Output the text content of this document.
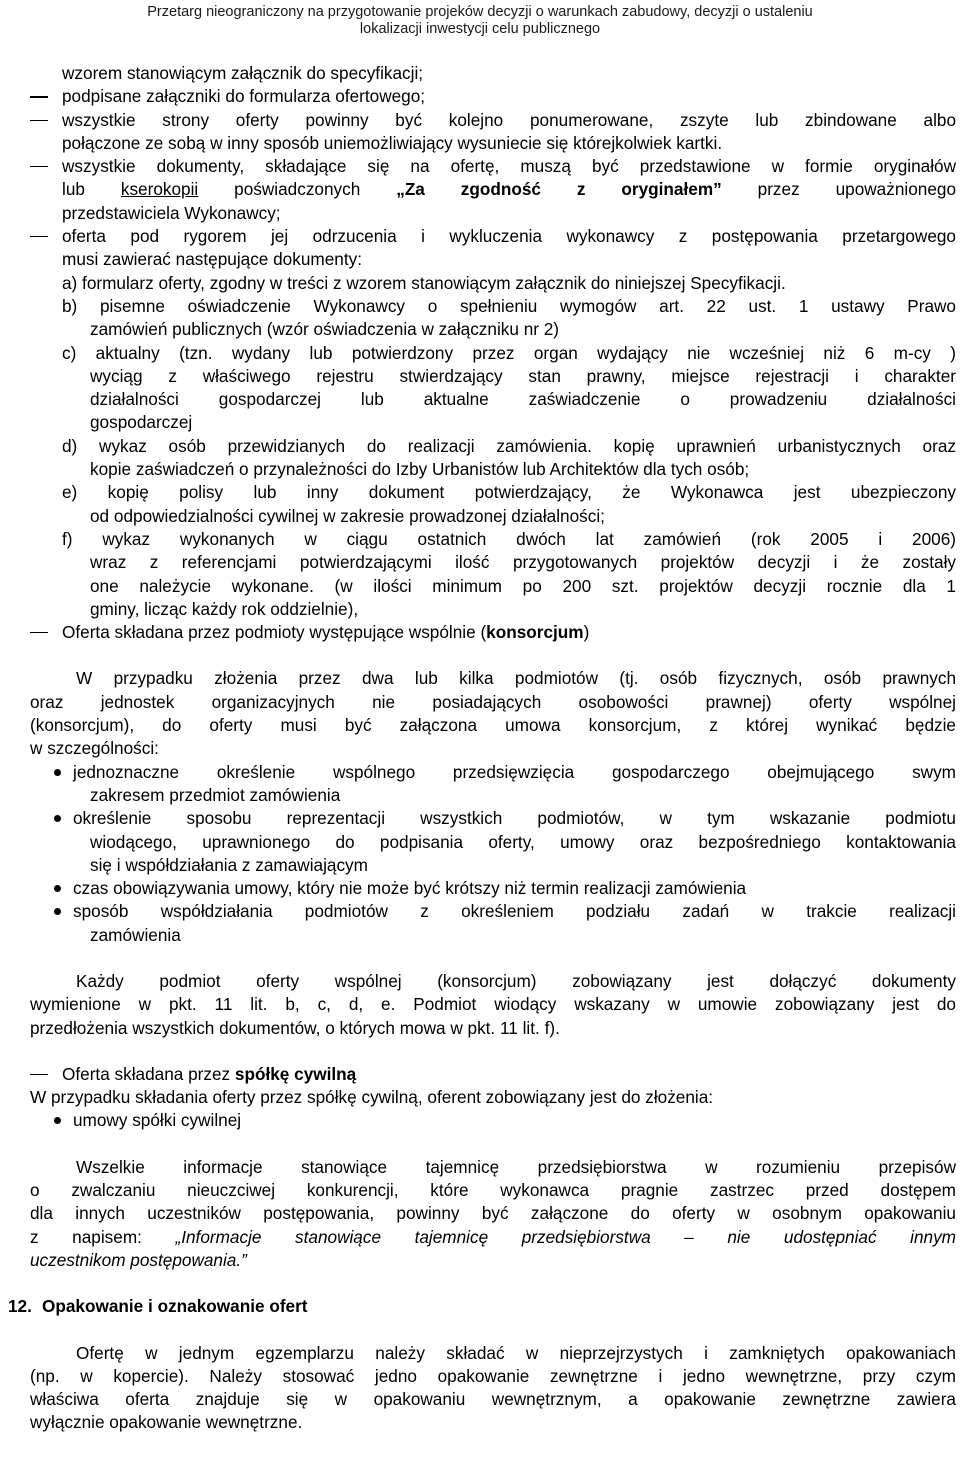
Przetarg nieograniczony na przygotowanie projeków decyzji o warunkach zabudowy, decyzji o ustaleniu
lokalizacji inwestycji celu publicznego
wzorem stanowiącym załącznik do specyfikacji;
podpisane załączniki do formularza ofertowego;
wszystkie strony oferty powinny być kolejno ponumerowane, zszyte lub zbindowane albo
połączone ze sobą w inny sposób uniemożliwiający wysuniecie się którejkolwiek kartki.
wszystkie dokumenty, składające się na ofertę, muszą być przedstawione w formie oryginałów
lub kserokopii poświadczonych „Za zgodność z oryginałem” przez upoważnionego
przedstawiciela Wykonawcy;
oferta pod rygorem jej odrzucenia i wykluczenia wykonawcy z postępowania przetargowego
musi zawierać następujące dokumenty:
a) formularz oferty, zgodny w treści z wzorem stanowiącym załącznik do niniejszej Specyfikacji.
b) pisemne oświadczenie Wykonawcy o spełnieniu wymogów art. 22 ust. 1 ustawy Prawo
zamówień publicznych (wzór oświadczenia w załączniku nr 2)
c) aktualny (tzn. wydany lub potwierdzony przez organ wydający nie wcześniej niż 6 m-cy )
wyciąg z właściwego rejestru stwierdzający stan prawny, miejsce rejestracji i charakter
działalności gospodarczej lub aktualne zaświadczenie o prowadzeniu działalności
gospodarczej
d) wykaz osób przewidzianych do realizacji zamówienia. kopię uprawnień urbanistycznych oraz
kopie zaświadczeń o przynależności do Izby Urbanistów lub Architektów dla tych osób;
e) kopię polisy lub inny dokument potwierdzający, że Wykonawca jest ubezpieczony
od odpowiedzialności cywilnej w zakresie prowadzonej działalności;
f) wykaz wykonanych w ciągu ostatnich dwóch lat zamówień (rok 2005 i 2006)
wraz z referencjami potwierdzającymi ilość przygotowanych projektów decyzji i że zostały
one należycie wykonane. (w ilości minimum po 200 szt. projektów decyzji rocznie dla 1
gminy, licząc każdy rok oddzielnie),
Oferta składana przez podmioty występujące wspólnie (konsorcjum)
W przypadku złożenia przez dwa lub kilka podmiotów (tj. osób fizycznych, osób prawnych
oraz jednostek organizacyjnych nie posiadających osobowości prawnej) oferty wspólnej
(konsorcjum), do oferty musi być załączona umowa konsorcjum, z której wynikać będzie
w szczególności:
jednoznaczne określenie wspólnego przedsięwzięcia gospodarczego obejmującego swym
zakresem przedmiot zamówienia
określenie sposobu reprezentacji wszystkich podmiotów, w tym wskazanie podmiotu
wiodącego, uprawnionego do podpisania oferty, umowy oraz bezpośredniego kontaktowania
się i współdziałania z zamawiającym
czas obowiązywania umowy, który nie może być krótszy niż termin realizacji zamówienia
sposób współdziałania podmiotów z określeniem podziału zadań w trakcie realizacji
zamówienia
Każdy podmiot oferty wspólnej (konsorcjum) zobowiązany jest dołączyć dokumenty
wymienione w pkt. 11 lit. b, c, d, e. Podmiot wiodący wskazany w umowie zobowiązany jest do
przedłożenia wszystkich dokumentów, o których mowa w pkt. 11 lit. f).
Oferta składana przez spółkę cywilną
W przypadku składania oferty przez spółkę cywilną, oferent zobowiązany jest do złożenia:
umowy spółki cywilnej
Wszelkie informacje stanowiące tajemnicę przedsiębiorstwa w rozumieniu przepisów
o zwalczaniu nieuczciwej konkurencji, które wykonawca pragnie zastrzec przed dostępem
dla innych uczestników postępowania, powinny być załączone do oferty w osobnym opakowaniu
z napisem: „Informacje stanowiące tajemnicę przedsiębiorstwa – nie udostępniać innym
uczestnikom postępowania.”
12. Opakowanie i oznakowanie ofert
Ofertę w jednym egzemplarzu należy składać w nieprzejrzystych i zamkniętych opakowaniach
(np. w kopercie). Należy stosować jedno opakowanie zewnętrzne i jedno wewnętrzne, przy czym
właściwa oferta znajduje się w opakowaniu wewnętrznym, a opakowanie zewnętrzne zawiera
wyłącznie opakowanie wewnętrzne.
